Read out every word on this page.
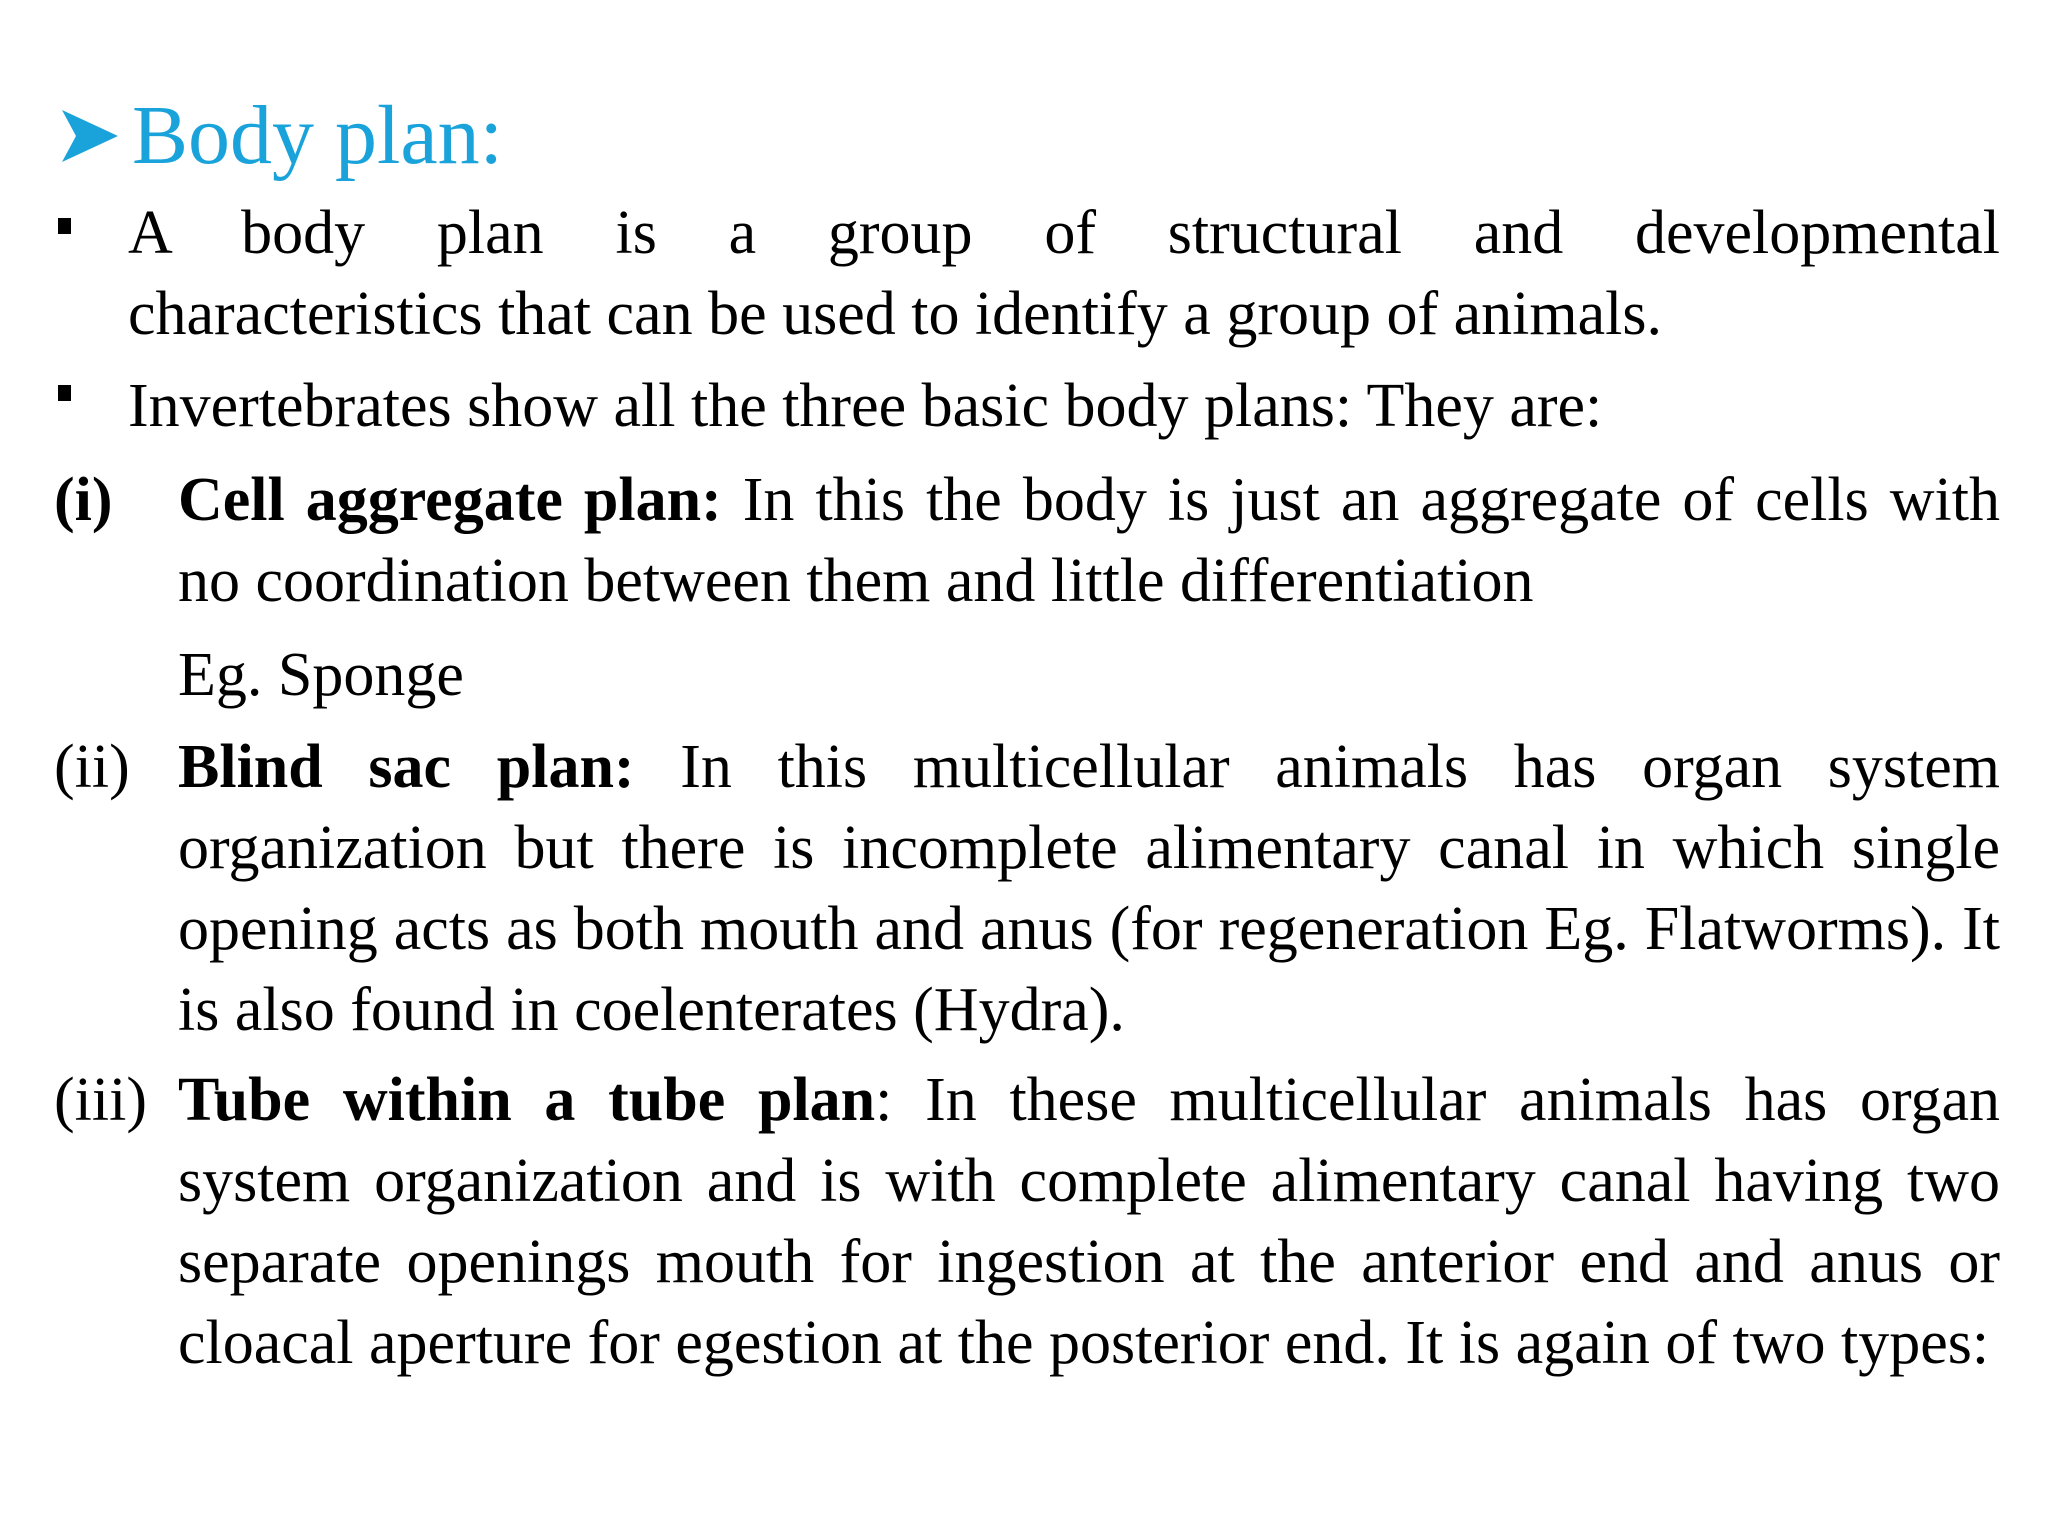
Body plan:
A body plan is a group of structural and developmental
characteristics that can be used to identify a group of animals.
Invertebrates show all the three basic body plans: They are:
(i) Cell aggregate plan: In this the body is just an aggregate of cells with no coordination between them and little differentiation
Eg. Sponge
(ii) Blind sac plan: In this multicellular animals has organ system organization but there is incomplete alimentary canal in which single opening acts as both mouth and anus (for regeneration Eg. Flatworms). It is also found in coelenterates (Hydra).
(iii) Tube within a tube plan: In these multicellular animals has organ system organization and is with complete alimentary canal having two separate openings mouth for ingestion at the anterior end and anus or cloacal aperture for egestion at the posterior end. It is again of two types:
